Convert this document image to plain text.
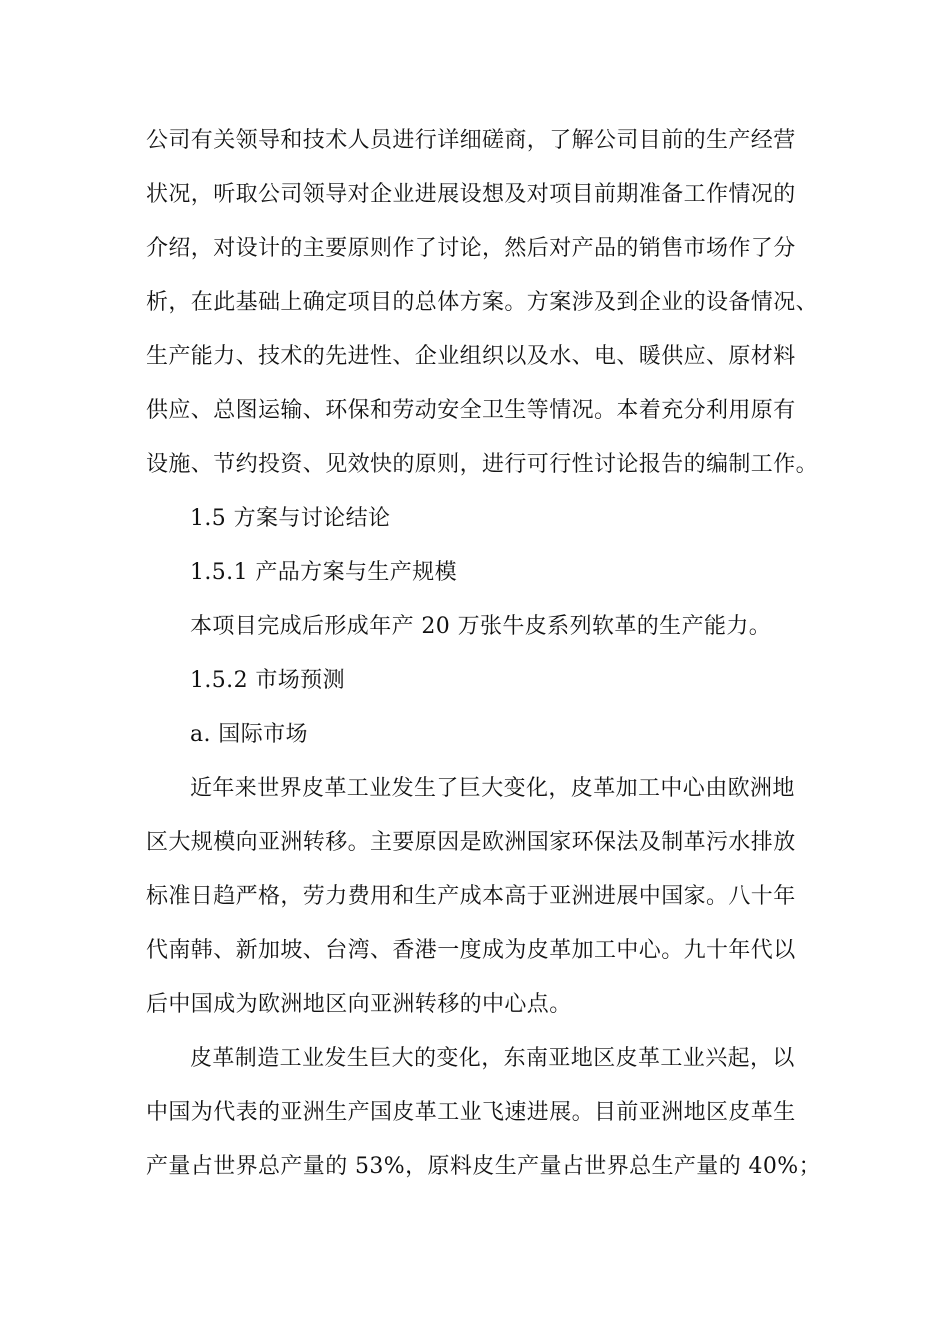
公司有关领导和技术人员进行详细磋商，了解公司目前的生产经营
状况，听取公司领导对企业进展设想及对项目前期准备工作情况的
介绍，对设计的主要原则作了讨论，然后对产品的销售市场作了分
析，在此基础上确定项目的总体方案。方案涉及到企业的设备情况、
生产能力、技术的先进性、企业组织以及水、电、暖供应、原材料
供应、总图运输、环保和劳动安全卫生等情况。本着充分利用原有
设施、节约投资、见效快的原则，进行可行性讨论报告的编制工作。
1.5 方案与讨论结论
1.5.1 产品方案与生产规模
本项目完成后形成年产 20 万张牛皮系列软革的生产能力。
1.5.2 市场预测
a. 国际市场
近年来世界皮革工业发生了巨大变化，皮革加工中心由欧洲地
区大规模向亚洲转移。主要原因是欧洲国家环保法及制革污水排放
标准日趋严格，劳力费用和生产成本高于亚洲进展中国家。八十年
代南韩、新加坡、台湾、香港一度成为皮革加工中心。九十年代以
后中国成为欧洲地区向亚洲转移的中心点。
皮革制造工业发生巨大的变化，东南亚地区皮革工业兴起，以
中国为代表的亚洲生产国皮革工业飞速进展。目前亚洲地区皮革生
产量占世界总产量的 53%，原料皮生产量占世界总生产量的 40%；
